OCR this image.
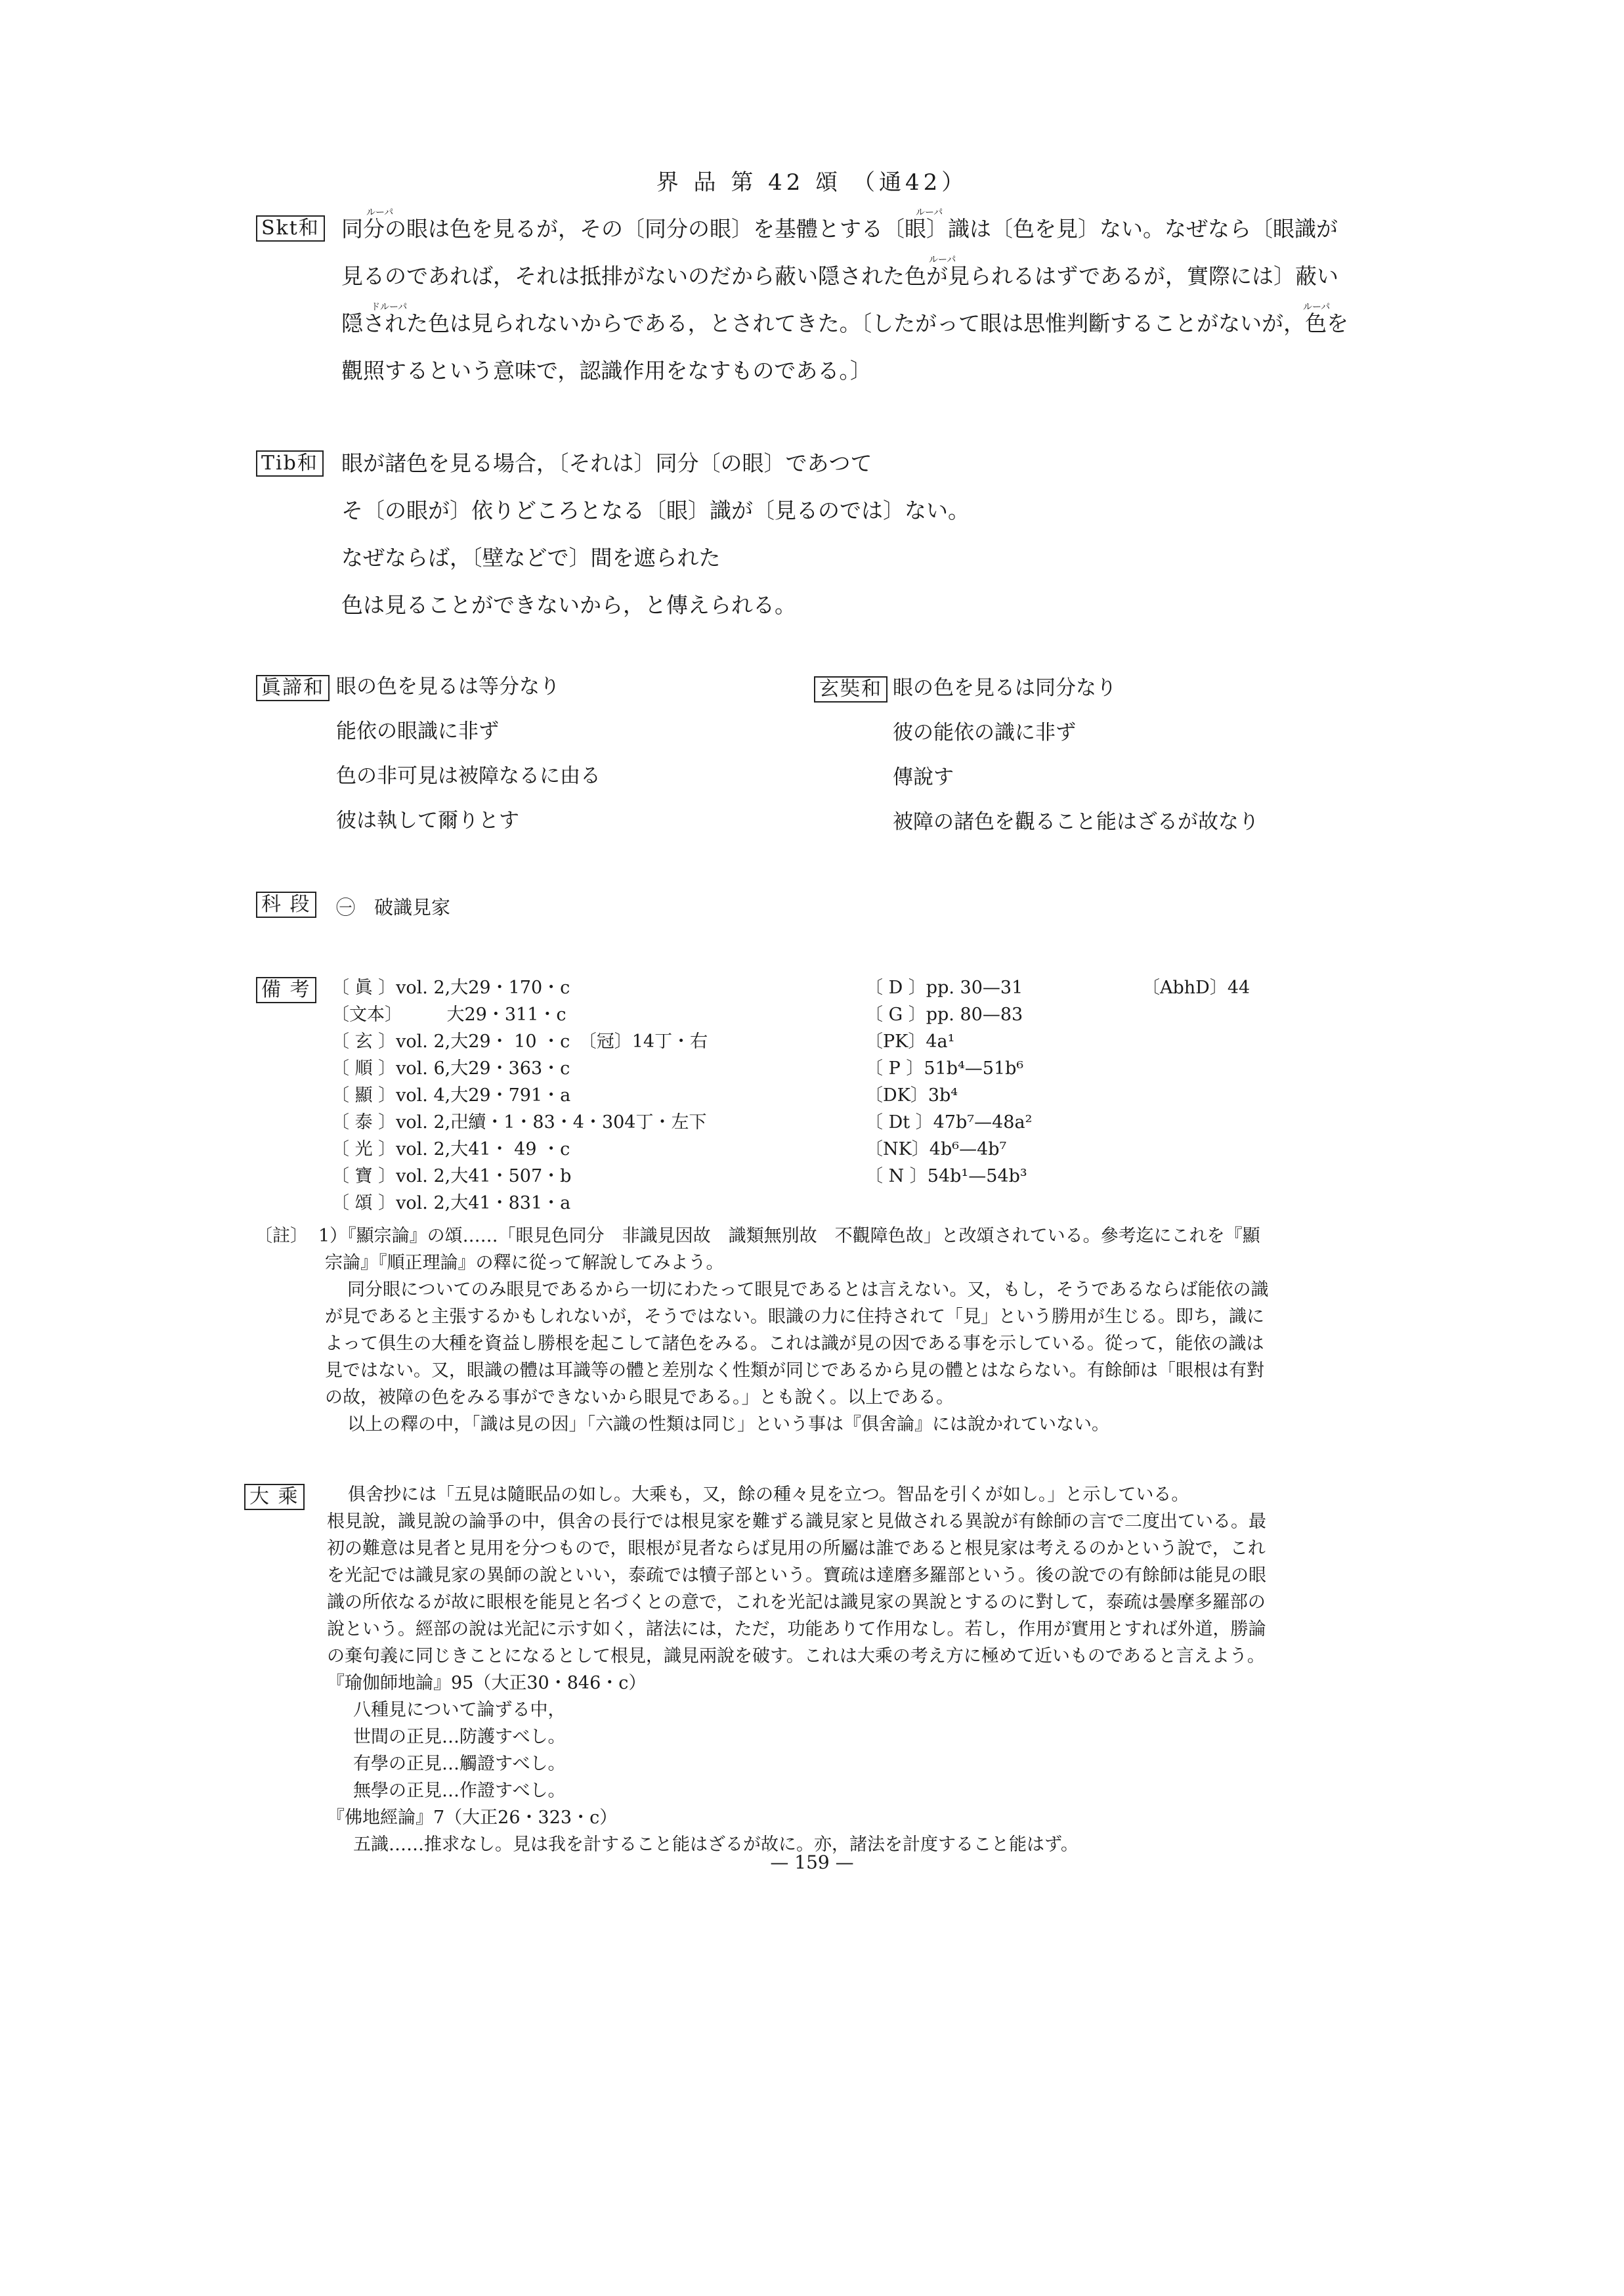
界 品 第 42 頌 （通42）
Skt和
ルーパ	ルーパ
ルーパ
ドルーパ	ルーパ
同分の眼は色を見るが，その〔同分の眼〕を基體とする〔眼〕識は〔色を見〕ない。なぜなら〔眼識が
見るのであれば，それは抵排がないのだから蔽い隠された色が見られるはずであるが，實際には〕蔽い
隠された色は見られないからである，とされてきた。〔したがって眼は思惟判斷することがないが，色を
觀照するという意味で，認識作用をなすものである。〕
Tib和 眼が諸色を見る場合，〔それは〕同分〔の眼〕であつて
そ〔の眼が〕依りどころとなる〔眼〕識が〔見るのでは〕ない。
なぜならば，〔壁などで〕間を遮られた
色は見ることができないから，と傳えられる。
眞諦和 眼の色を見るは等分なり
能依の眼識に非ず
色の非可見は被障なるに由る
彼は執して爾りとす
玄奘和 眼の色を見るは同分なり
彼の能依の識に非ず
傳說す
被障の諸色を觀ること能はざるが故なり
科 段 ㊀　破識見家
備 考 〔 眞 〕vol. 2,大29・170・c
〔文本〕　　　大29・311・c
〔 玄 〕vol. 2,大29・ 10 ・c　〔冠〕14丁・右
〔 順 〕vol. 6,大29・363・c
〔 顯 〕vol. 4,大29・791・a
〔 泰 〕vol. 2,卍續・1・83・4・304丁・左下
〔 光 〕vol. 2,大41・ 49 ・c
〔 寶 〕vol. 2,大41・507・b
〔 頌 〕vol. 2,大41・831・a
〔 D 〕pp. 30—31
〔 G 〕pp. 80—83
〔PK〕4a¹
〔 P 〕51b⁴—51b⁶
〔DK〕3b⁴
〔 Dt 〕47b⁷—48a²
〔NK〕4b⁶—4b⁷
〔 N 〕54b¹—54b³
〔AbhD〕44
〔註〕 1）『顯宗論』の頌……「眼見色同分　非識見因故　識類無別故　不觀障色故」と改頌されている。參考迄にこれを『顯
宗論』『順正理論』の釋に從って解說してみよう。
同分眼についてのみ眼見であるから一切にわたって眼見であるとは言えない。又，もし，そうであるならば能依の識
が見であると主張するかもしれないが，そうではない。眼識の力に住持されて「見」という勝用が生じる。即ち，識に
よって俱生の大種を資益し勝根を起こして諸色をみる。これは識が見の因である事を示している。從って，能依の識は
見ではない。又，眼識の體は耳識等の體と差別なく性類が同じであるから見の體とはならない。有餘師は「眼根は有對
の故，被障の色をみる事ができないから眼見である。」とも說く。以上である。
以上の釋の中，「識は見の因」「六識の性類は同じ」という事は『俱舍論』には說かれていない。
大 乘	俱舍抄には「五見は隨眠品の如し。大乘も，又，餘の種々見を立つ。智品を引くが如し。」と示している。
根見說，識見說の論爭の中，俱舍の長行では根見家を難ずる識見家と見做される異說が有餘師の言で二度出ている。最
初の難意は見者と見用を分つもので，眼根が見者ならば見用の所屬は誰であると根見家は考えるのかという說で，これ
を光記では識見家の異師の說といい，泰疏では犢子部という。寶疏は達磨多羅部という。後の說での有餘師は能見の眼
識の所依なるが故に眼根を能見と名づくとの意で，これを光記は識見家の異說とするのに對して，泰疏は曇摩多羅部の
說という。經部の說は光記に示す如く，諸法には，ただ，功能ありて作用なし。若し，作用が實用とすれば外道，勝論
の棄句義に同じきことになるとして根見，識見兩說を破す。これは大乘の考え方に極めて近いものであると言えよう。
『瑜伽師地論』95（大正30・846・c）
八種見について論ずる中，
世間の正見…防護すべし。
有學の正見…觸證すべし。
無學の正見…作證すべし。
『佛地經論』7（大正26・323・c）
五識……推求なし。見は我を計すること能はざるが故に。亦，諸法を計度すること能はず。
— 159 —
